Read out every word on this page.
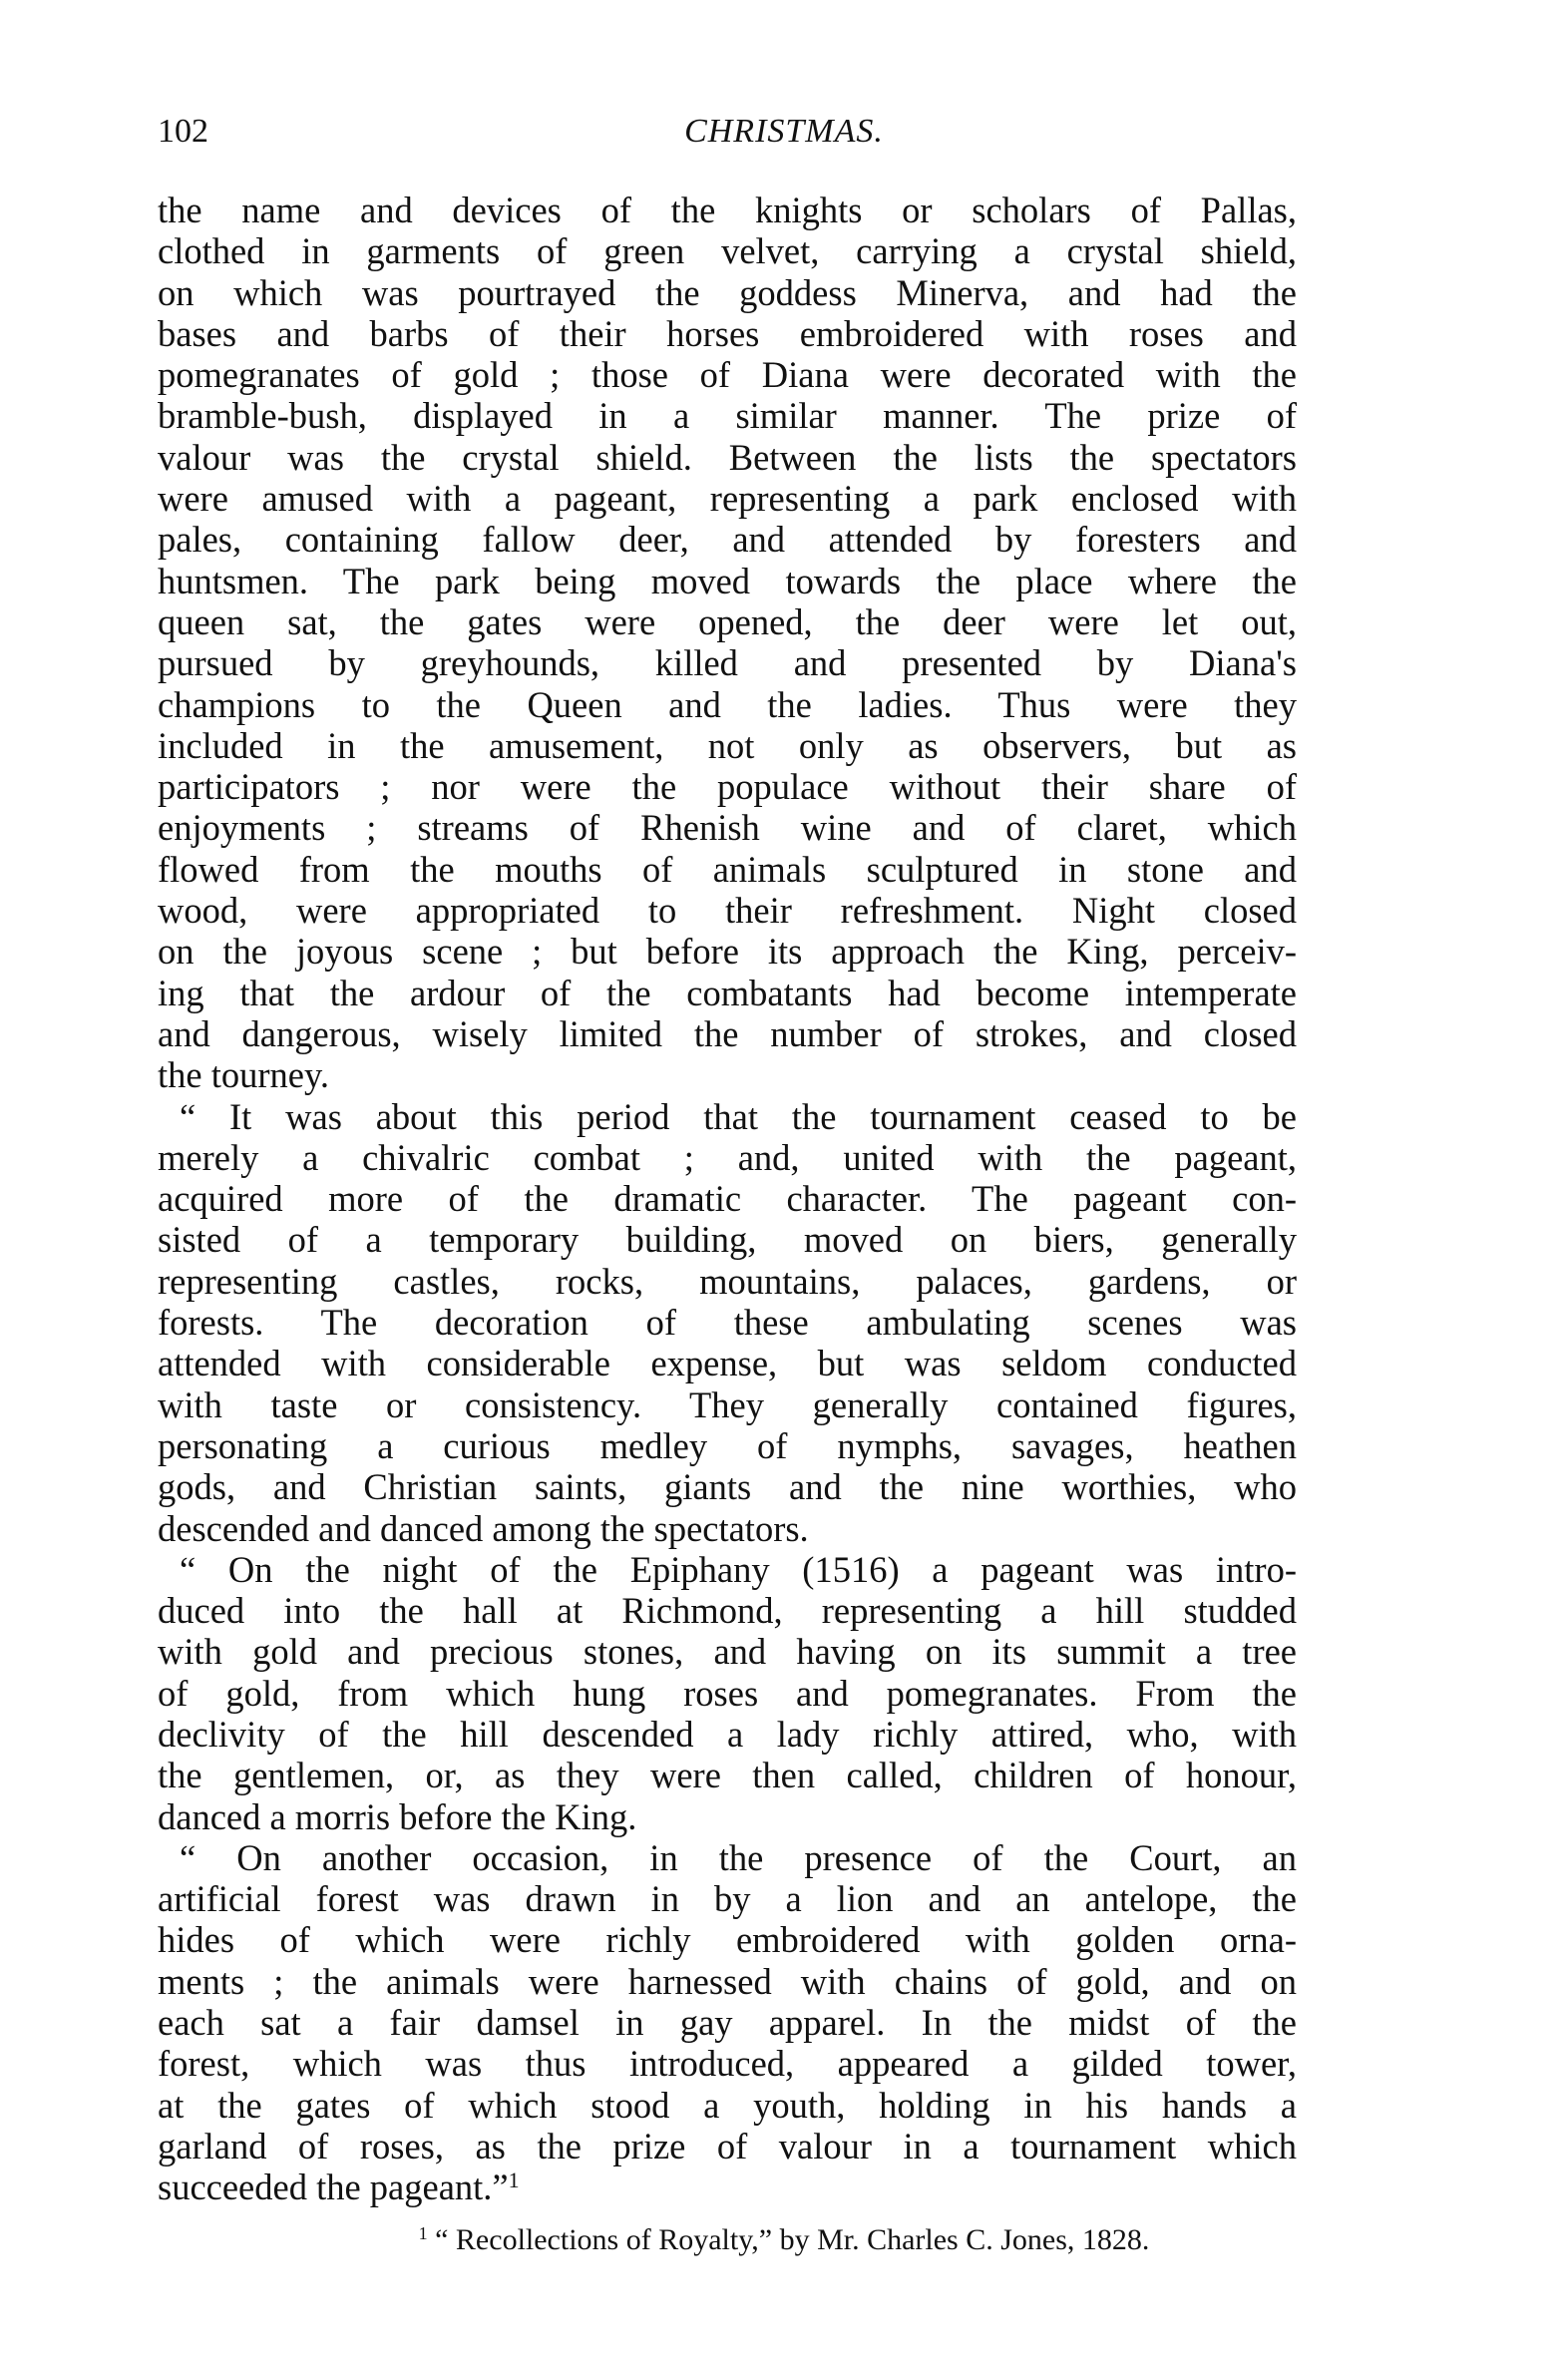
102	CHRISTMAS.
the name and devices of the knights or scholars of Pallas,
clothed in garments of green velvet, carrying a crystal shield,
on which was pourtrayed the goddess Minerva, and had the
bases and barbs of their horses embroidered with roses and
pomegranates of gold ; those of Diana were decorated with the
bramble-bush, displayed in a similar manner. The prize of
valour was the crystal shield. Between the lists the spectators
were amused with a pageant, representing a park enclosed with
pales, containing fallow deer, and attended by foresters and
huntsmen. The park being moved towards the place where the
queen sat, the gates were opened, the deer were let out,
pursued by greyhounds, killed and presented by Diana's
champions to the Queen and the ladies. Thus were they
included in the amusement, not only as observers, but as
participators ; nor were the populace without their share of
enjoyments ; streams of Rhenish wine and of claret, which
flowed from the mouths of animals sculptured in stone and
wood, were appropriated to their refreshment. Night closed
on the joyous scene ; but before its approach the King, perceiv-
ing that the ardour of the combatants had become intemperate
and dangerous, wisely limited the number of strokes, and closed
the tourney.
“ It was about this period that the tournament ceased to be
merely a chivalric combat ; and, united with the pageant,
acquired more of the dramatic character. The pageant con-
sisted of a temporary building, moved on biers, generally
representing castles, rocks, mountains, palaces, gardens, or
forests. The decoration of these ambulating scenes was
attended with considerable expense, but was seldom conducted
with taste or consistency. They generally contained figures,
personating a curious medley of nymphs, savages, heathen
gods, and Christian saints, giants and the nine worthies, who
descended and danced among the spectators.
“ On the night of the Epiphany (1516) a pageant was intro-
duced into the hall at Richmond, representing a hill studded
with gold and precious stones, and having on its summit a tree
of gold, from which hung roses and pomegranates. From the
declivity of the hill descended a lady richly attired, who, with
the gentlemen, or, as they were then called, children of honour,
danced a morris before the King.
“ On another occasion, in the presence of the Court, an
artificial forest was drawn in by a lion and an antelope, the
hides of which were richly embroidered with golden orna-
ments ; the animals were harnessed with chains of gold, and on
each sat a fair damsel in gay apparel. In the midst of the
forest, which was thus introduced, appeared a gilded tower,
at the gates of which stood a youth, holding in his hands a
garland of roses, as the prize of valour in a tournament which
succeeded the pageant.”$^1$
$^1$ “ Recollections of Royalty,” by Mr. Charles C. Jones, 1828.
